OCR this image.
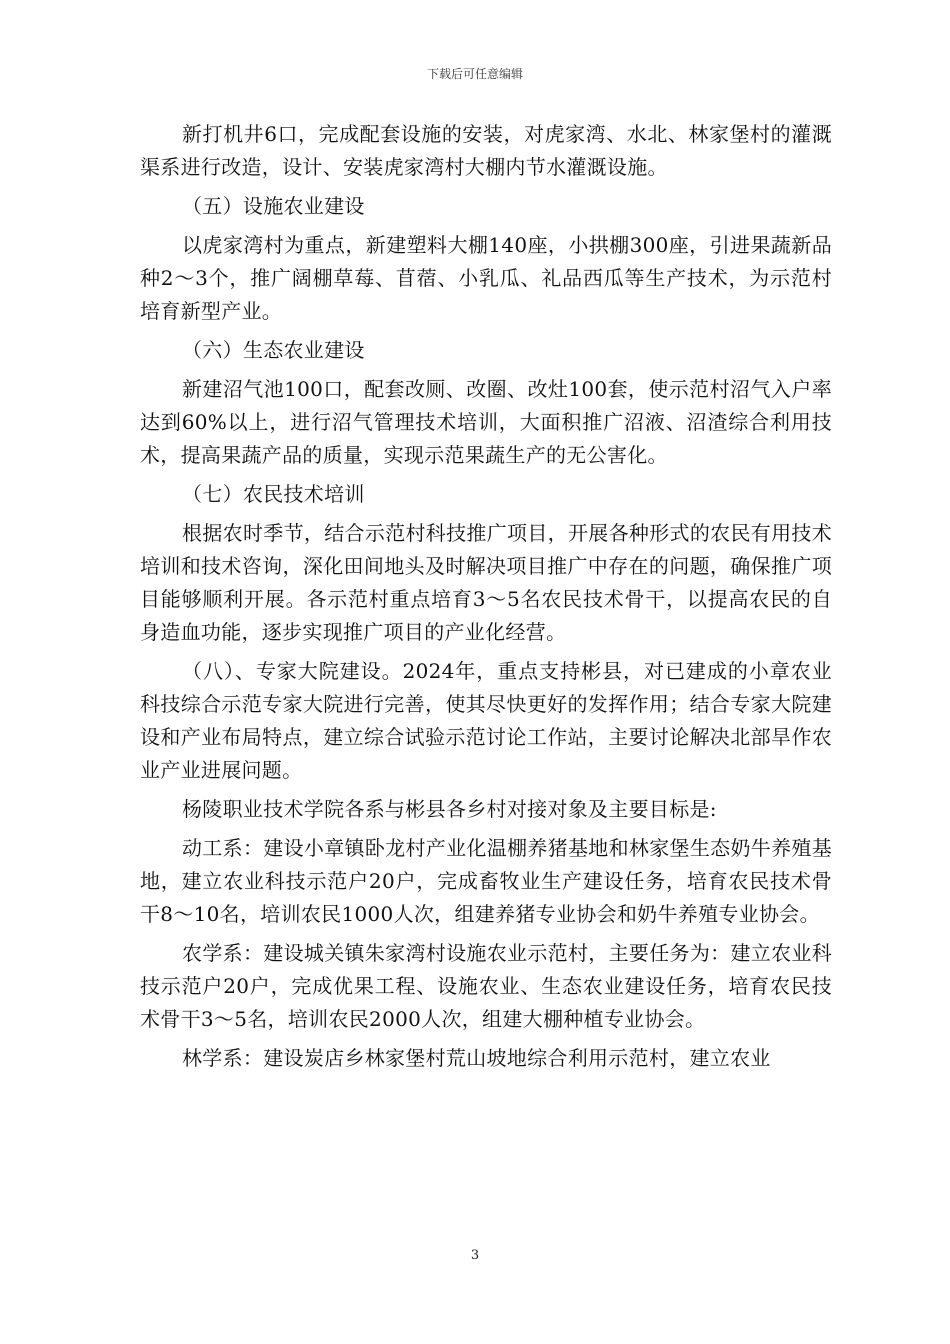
下载后可任意编辑

新打机井6口，完成配套设施的安装，对虎家湾、水北、林家堡村的灌溉渠系进行改造，设计、安装虎家湾村大棚内节水灌溉设施。

（五）设施农业建设

以虎家湾村为重点，新建塑料大棚140座，小拱棚300座，引进果蔬新品种2～3个，推广阔棚草莓、苜蓿、小乳瓜、礼品西瓜等生产技术，为示范村培育新型产业。

（六）生态农业建设

新建沼气池100口，配套改厕、改圈、改灶100套，使示范村沼气入户率达到60%以上，进行沼气管理技术培训，大面积推广沼液、沼渣综合利用技术，提高果蔬产品的质量，实现示范果蔬生产的无公害化。

（七）农民技术培训

根据农时季节，结合示范村科技推广项目，开展各种形式的农民有用技术培训和技术咨询，深化田间地头及时解决项目推广中存在的问题，确保推广项目能够顺利开展。各示范村重点培育3～5名农民技术骨干，以提高农民的自身造血功能，逐步实现推广项目的产业化经营。

（八）、专家大院建设。2024年，重点支持彬县，对已建成的小章农业科技综合示范专家大院进行完善，使其尽快更好的发挥作用；结合专家大院建设和产业布局特点，建立综合试验示范讨论工作站，主要讨论解决北部旱作农业产业进展问题。

杨陵职业技术学院各系与彬县各乡村对接对象及主要目标是:

动工系：建设小章镇卧龙村产业化温棚养猪基地和林家堡生态奶牛养殖基地，建立农业科技示范户20户，完成畜牧业生产建设任务，培育农民技术骨干8～10名，培训农民1000人次，组建养猪专业协会和奶牛养殖专业协会。

农学系：建设城关镇朱家湾村设施农业示范村，主要任务为：建立农业科技示范户20户，完成优果工程、设施农业、生态农业建设任务，培育农民技术骨干3～5名，培训农民2000人次，组建大棚种植专业协会。

林学系：建设炭店乡林家堡村荒山坡地综合利用示范村，建立农业

3
